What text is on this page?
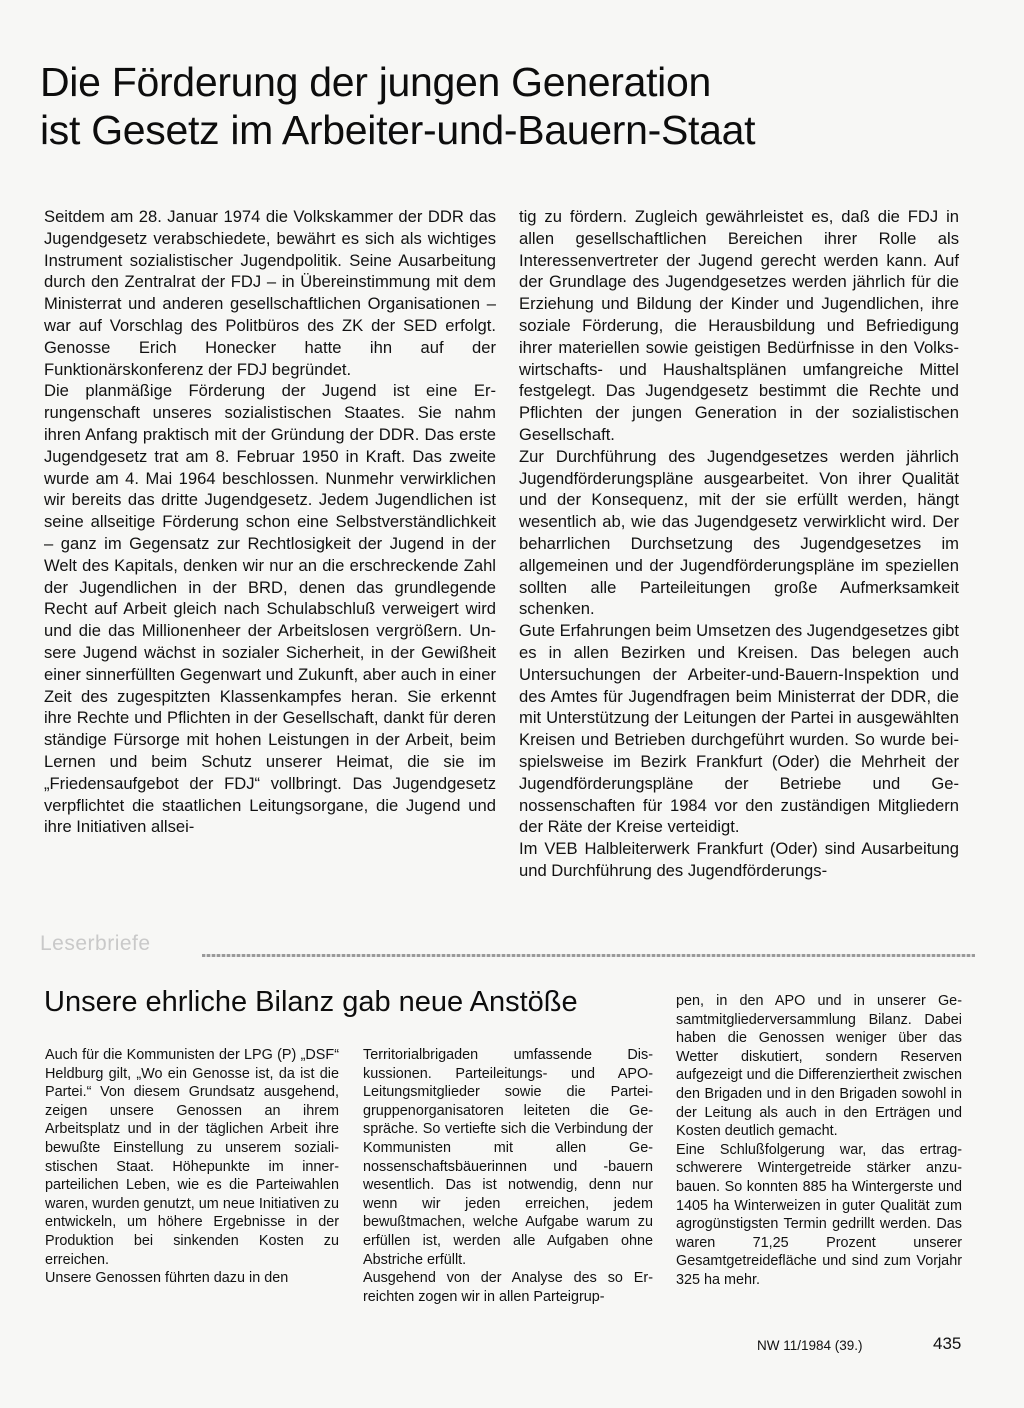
Die Förderung der jungen Generation
ist Gesetz im Arbeiter-und-Bauern-Staat

Seitdem am 28. Januar 1974 die Volkskammer der DDR das Jugendgesetz verabschiedete, bewährt es sich als wichtiges Instrument sozialistischer Jugendpolitik. Seine Ausarbeitung durch den Zentralrat der FDJ – in Übereinstimmung mit dem Ministerrat und anderen gesellschaftlichen Organisationen – war auf Vorschlag des Politbüros des ZK der SED erfolgt. Genosse Erich Honecker hatte ihn auf der Funktionärskonferenz der FDJ begründet.

Die planmäßige Förderung der Jugend ist eine Errungenschaft unseres sozialistischen Staates. Sie nahm ihren Anfang praktisch mit der Gründung der DDR. Das erste Jugendgesetz trat am 8. Februar 1950 in Kraft. Das zweite wurde am 4. Mai 1964 beschlossen. Nunmehr verwirklichen wir bereits das dritte Jugendgesetz. Jedem Jugendlichen ist seine allseitige Förderung schon eine Selbstverständlichkeit – ganz im Gegensatz zur Rechtlosigkeit der Jugend in der Welt des Kapitals, denken wir nur an die erschreckende Zahl der Jugendlichen in der BRD, denen das grundlegende Recht auf Arbeit gleich nach Schulabschluß verweigert wird und die das Millionenheer der Arbeitslosen vergrößern. Unsere Jugend wächst in sozialer Sicherheit, in der Gewißheit einer sinnerfüllten Gegenwart und Zukunft, aber auch in einer Zeit des zugespitzten Klassenkampfes heran. Sie erkennt ihre Rechte und Pflichten in der Gesellschaft, dankt für deren ständige Fürsorge mit hohen Leistungen in der Arbeit, beim Lernen und beim Schutz unserer Heimat, die sie im „Friedensaufgebot der FDJ“ vollbringt. Das Jugendgesetz verpflichtet die staatlichen Leitungsorgane, die Jugend und ihre Initiativen allsei-

tig zu fördern. Zugleich gewährleistet es, daß die FDJ in allen gesellschaftlichen Bereichen ihrer Rolle als Interessenvertreter der Jugend gerecht werden kann. Auf der Grundlage des Jugendgesetzes werden jährlich für die Erziehung und Bildung der Kinder und Jugendlichen, ihre soziale Förderung, die Herausbildung und Befriedigung ihrer materiellen sowie geistigen Bedürfnisse in den Volkswirtschafts- und Haushaltsplänen umfangreiche Mittel festgelegt. Das Jugendgesetz bestimmt die Rechte und Pflichten der jungen Generation in der sozialistischen Gesellschaft.

Zur Durchführung des Jugendgesetzes werden jährlich Jugendförderungspläne ausgearbeitet. Von ihrer Qualität und der Konsequenz, mit der sie erfüllt werden, hängt wesentlich ab, wie das Jugendgesetz verwirklicht wird. Der beharrlichen Durchsetzung des Jugendgesetzes im allgemeinen und der Jugendförderungspläne im speziellen sollten alle Parteileitungen große Aufmerksamkeit schenken.

Gute Erfahrungen beim Umsetzen des Jugendgesetzes gibt es in allen Bezirken und Kreisen. Das belegen auch Untersuchungen der Arbeiter-und-Bauern-Inspektion und des Amtes für Jugendfragen beim Ministerrat der DDR, die mit Unterstützung der Leitungen der Partei in ausgewählten Kreisen und Betrieben durchgeführt wurden. So wurde beispielsweise im Bezirk Frankfurt (Oder) die Mehrheit der Jugendförderungspläne der Betriebe und Genossenschaften für 1984 vor den zuständigen Mitgliedern der Räte der Kreise verteidigt.

Im VEB Halbleiterwerk Frankfurt (Oder) sind Ausarbeitung und Durchführung des Jugendförderungs-

Leserbriefe
Unsere ehrliche Bilanz gab neue Anstöße

Auch für die Kommunisten der LPG (P) „DSF“ Heldburg gilt, „Wo ein Genosse ist, da ist die Partei.“ Von diesem Grundsatz ausgehend, zeigen unsere Genossen an ihrem Arbeitsplatz und in der täglichen Arbeit ihre bewußte Einstellung zu unserem sozialistischen Staat. Höhepunkte im innerparteilichen Leben, wie es die Parteiwahlen waren, wurden genutzt, um neue Initiativen zu entwickeln, um höhere Ergebnisse in der Produktion bei sinkenden Kosten zu erreichen.

Unsere Genossen führten dazu in den

Territorialbrigaden umfassende Diskussionen. Parteileitungs- und APO-Leitungsmitglieder sowie die Parteigruppenorganisatoren leiteten die Gespräche. So vertiefte sich die Verbindung der Kommunisten mit allen Genossenschaftsbäuerinnen und -bauern wesentlich. Das ist notwendig, denn nur wenn wir jeden erreichen, jedem bewußtmachen, welche Aufgabe warum zu erfüllen ist, werden alle Aufgaben ohne Abstriche erfüllt.

Ausgehend von der Analyse des so Erreichten zogen wir in allen Parteigrup-

pen, in den APO und in unserer Gesamtmitgliederversammlung Bilanz. Dabei haben die Genossen weniger über das Wetter diskutiert, sondern Reserven aufgezeigt und die Differenziertheit zwischen den Brigaden und in den Brigaden sowohl in der Leitung als auch in den Erträgen und Kosten deutlich gemacht.

Eine Schlußfolgerung war, das ertragschwerere Wintergetreide stärker anzubauen. So konnten 885 ha Wintergerste und 1405 ha Winterweizen in guter Qualität zum agrogünstigsten Termin gedrillt werden. Das waren 71,25 Prozent unserer Gesamtgetreidefläche und sind zum Vorjahr 325 ha mehr.

NW 11/1984 (39.)	435
